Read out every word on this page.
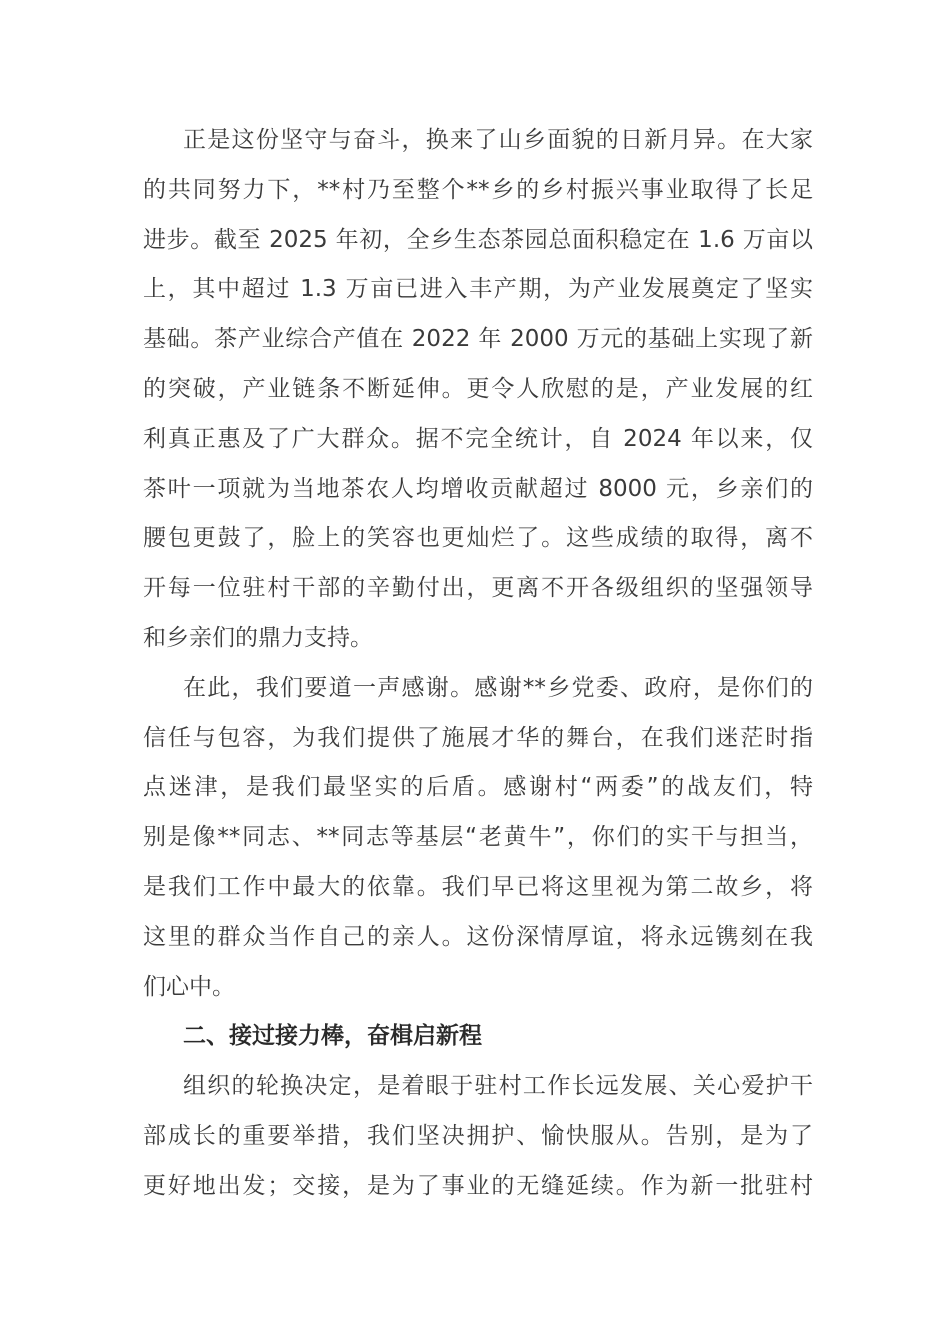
正是这份坚守与奋斗，换来了山乡面貌的日新月异。在大家
的共同努力下，**村乃至整个**乡的乡村振兴事业取得了长足
进步。截至 2025 年初，全乡生态茶园总面积稳定在 1.6 万亩以
上，其中超过 1.3 万亩已进入丰产期，为产业发展奠定了坚实
基础。茶产业综合产值在 2022 年 2000 万元的基础上实现了新
的突破，产业链条不断延伸。更令人欣慰的是，产业发展的红
利真正惠及了广大群众。据不完全统计，自 2024 年以来，仅
茶叶一项就为当地茶农人均增收贡献超过 8000 元，乡亲们的
腰包更鼓了，脸上的笑容也更灿烂了。这些成绩的取得，离不
开每一位驻村干部的辛勤付出，更离不开各级组织的坚强领导
和乡亲们的鼎力支持。
在此，我们要道一声感谢。感谢**乡党委、政府，是你们的
信任与包容，为我们提供了施展才华的舞台，在我们迷茫时指
点迷津，是我们最坚实的后盾。感谢村“两委”的战友们，特
别是像**同志、**同志等基层“老黄牛”，你们的实干与担当，
是我们工作中最大的依靠。我们早已将这里视为第二故乡，将
这里的群众当作自己的亲人。这份深情厚谊，将永远镌刻在我
们心中。
二、接过接力棒，奋楫启新程
组织的轮换决定，是着眼于驻村工作长远发展、关心爱护干
部成长的重要举措，我们坚决拥护、愉快服从。告别，是为了
更好地出发；交接，是为了事业的无缝延续。作为新一批驻村
